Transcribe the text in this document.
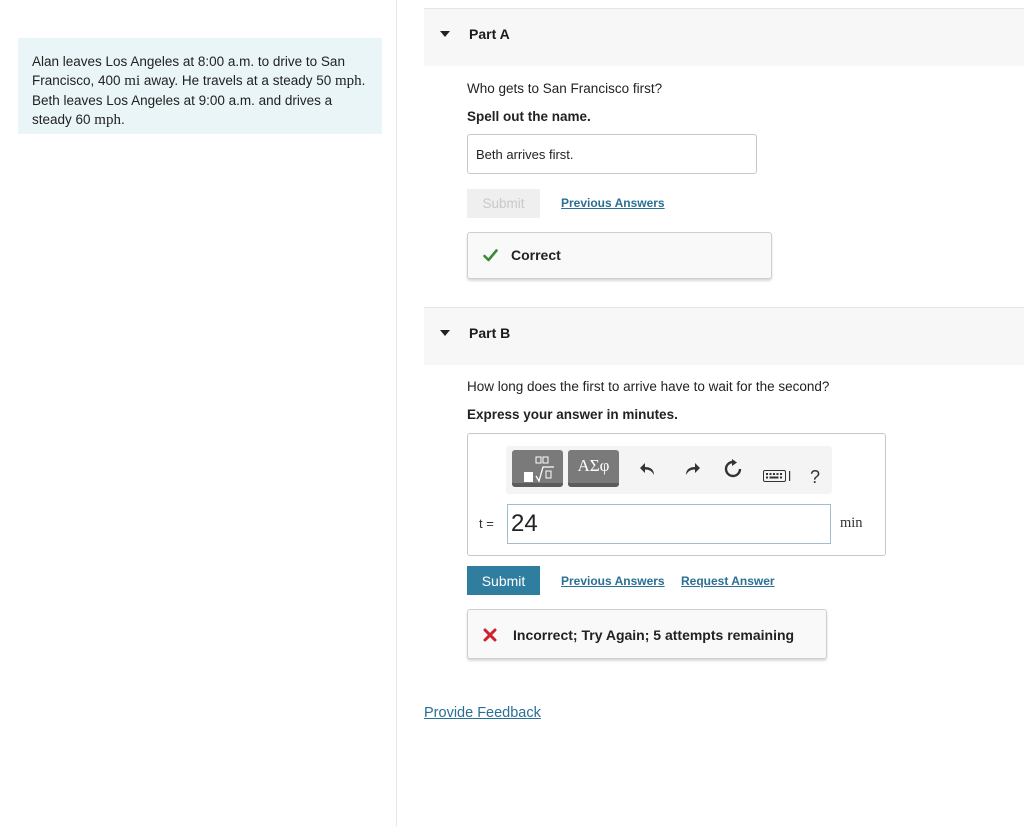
Alan leaves Los Angeles at 8:00 a.m. to drive to San Francisco, 400 mi away. He travels at a steady 50 mph. Beth leaves Los Angeles at 9:00 a.m. and drives a steady 60 mph.
Part A
Who gets to San Francisco first?
Spell out the name.
Beth arrives first.
Submit	Previous Answers
Correct
Part B
How long does the first to arrive have to wait for the second?
Express your answer in minutes.
ΑΣφ
?
t =
24	min
Submit	Previous Answers Request Answer
Incorrect; Try Again; 5 attempts remaining
Provide Feedback
